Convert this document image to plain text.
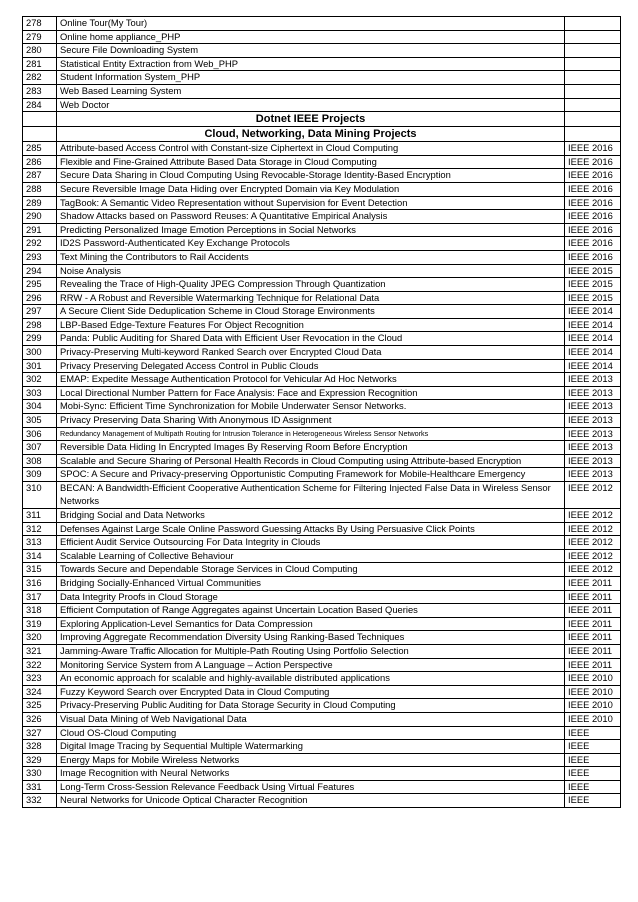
278	Online Tour(My Tour)	
279	Online home appliance_PHP	
280	Secure File Downloading System	
281	Statistical Entity Extraction from Web_PHP	
282	Student Information System_PHP	
283	Web Based Learning System	
284	Web Doctor	
	Dotnet IEEE Projects	
	Cloud, Networking, Data Mining Projects	
285	Attribute-based Access Control with Constant-size Ciphertext in Cloud Computing	IEEE 2016
286	Flexible and Fine-Grained Attribute Based Data Storage in Cloud Computing	IEEE 2016
287	Secure Data Sharing in Cloud Computing Using Revocable-Storage Identity-Based Encryption	IEEE 2016
288	Secure Reversible Image Data Hiding over Encrypted Domain via Key Modulation	IEEE 2016
289	TagBook: A Semantic Video Representation without Supervision for Event Detection	IEEE 2016
290	Shadow Attacks based on Password Reuses: A Quantitative Empirical Analysis	IEEE 2016
291	Predicting Personalized Image Emotion Perceptions in Social Networks	IEEE 2016
292	ID2S Password-Authenticated Key Exchange Protocols	IEEE 2016
293	Text Mining the Contributors to Rail Accidents	IEEE 2016
294	Noise Analysis	IEEE 2015
295	Revealing the Trace of High-Quality JPEG Compression Through Quantization	IEEE 2015
296	RRW - A Robust and Reversible Watermarking Technique for Relational Data	IEEE 2015
297	A Secure Client Side Deduplication Scheme in Cloud Storage Environments	IEEE 2014
298	LBP-Based Edge-Texture Features For Object Recognition	IEEE 2014
299	Panda: Public Auditing for Shared Data with Efficient User Revocation in the Cloud	IEEE 2014
300	Privacy-Preserving Multi-keyword Ranked Search over Encrypted Cloud Data	IEEE 2014
301	Privacy Preserving Delegated Access Control in Public Clouds	IEEE 2014
302	EMAP: Expedite Message Authentication Protocol for Vehicular Ad Hoc Networks	IEEE 2013
303	Local Directional Number Pattern for Face Analysis: Face and Expression Recognition	IEEE 2013
304	Mobi-Sync: Efficient Time Synchronization for Mobile Underwater Sensor Networks.	IEEE 2013
305	Privacy Preserving Data Sharing With Anonymous ID Assignment	IEEE 2013
306	Redundancy Management of Multipath Routing for Intrusion Tolerance in Heterogeneous Wireless Sensor Networks	IEEE 2013
307	Reversible Data Hiding In Encrypted Images By Reserving Room Before Encryption	IEEE 2013
308	Scalable and Secure Sharing of Personal Health Records in Cloud Computing using Attribute-based Encryption	IEEE 2013
309	SPOC: A Secure and Privacy-preserving Opportunistic Computing Framework for Mobile-Healthcare Emergency	IEEE 2013
310	BECAN: A Bandwidth-Efficient Cooperative Authentication Scheme for Filtering Injected False Data in Wireless Sensor Networks	IEEE 2012
311	Bridging Social and Data Networks	IEEE 2012
312	Defenses Against Large Scale Online Password Guessing Attacks By Using Persuasive Click Points	IEEE 2012
313	Efficient Audit Service Outsourcing For Data Integrity in Clouds	IEEE 2012
314	Scalable Learning of Collective Behaviour	IEEE 2012
315	Towards Secure and Dependable Storage Services in Cloud Computing	IEEE 2012
316	Bridging Socially-Enhanced Virtual Communities	IEEE 2011
317	Data Integrity Proofs in Cloud Storage	IEEE 2011
318	Efficient Computation of Range Aggregates against Uncertain Location Based Queries	IEEE 2011
319	Exploring Application-Level Semantics for Data Compression	IEEE 2011
320	Improving Aggregate Recommendation Diversity Using Ranking-Based Techniques	IEEE 2011
321	Jamming-Aware Traffic Allocation for Multiple-Path Routing Using Portfolio Selection	IEEE 2011
322	Monitoring Service System from A Language – Action Perspective	IEEE 2011
323	An economic approach for scalable and highly-available distributed applications	IEEE 2010
324	Fuzzy Keyword Search over Encrypted Data in Cloud Computing	IEEE 2010
325	Privacy-Preserving Public Auditing for Data Storage Security in Cloud Computing	IEEE 2010
326	Visual Data Mining of Web Navigational Data	IEEE 2010
327	Cloud OS-Cloud Computing	IEEE
328	Digital Image Tracing by Sequential Multiple Watermarking	IEEE
329	Energy Maps for Mobile Wireless Networks	IEEE
330	Image Recognition with Neural Networks	IEEE
331	Long-Term Cross-Session Relevance Feedback Using Virtual Features	IEEE
332	Neural Networks for Unicode Optical Character Recognition	IEEE
